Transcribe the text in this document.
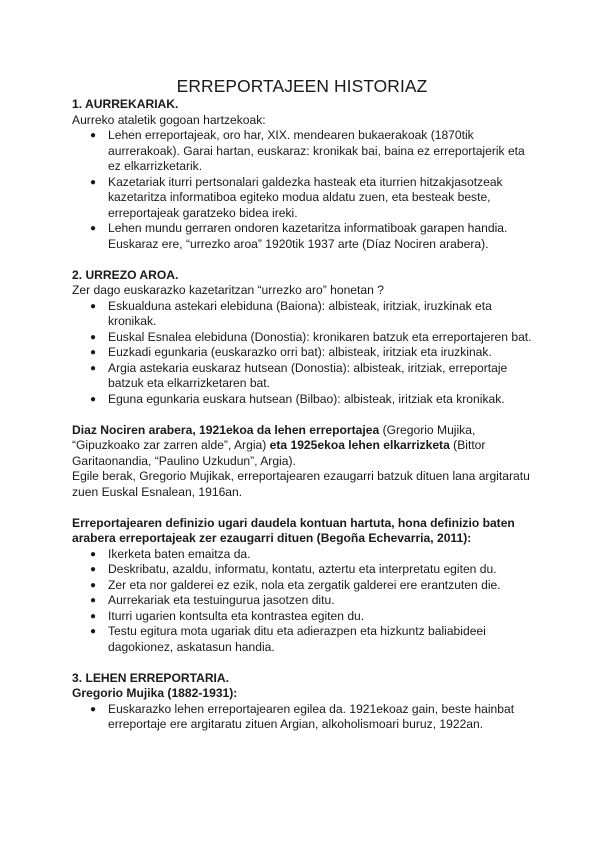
ERREPORTAJEEN HISTORIAZ

1. AURREKARIAK.

Aurreko ataletik gogoan hartzekoak:

● Lehen erreportajeak, oro har, XIX. mendearen bukaerakoak (1870tik aurrerakoak). Garai hartan, euskaraz: kronikak bai, baina ez erreportajerik eta ez elkarrizketarik.
● Kazetariak iturri pertsonalari galdezka hasteak eta iturrien hitzakjasotzeak kazetaritza informatiboa egiteko modua aldatu zuen, eta besteak beste, erreportajeak garatzeko bidea ireki.
● Lehen mundu gerraren ondoren kazetaritza informatiboak garapen handia. Euskaraz ere, “urrezko aroa” 1920tik 1937 arte (Díaz Nociren arabera).

2. URREZO AROA.

Zer dago euskarazko kazetaritzan “urrezko aro” honetan ?

● Eskualduna astekari elebiduna (Baiona): albisteak, iritziak, iruzkinak eta kronikak.
● Euskal Esnalea elebiduna (Donostia): kronikaren batzuk eta erreportajeren bat.
● Euzkadi egunkaria (euskarazko orri bat): albisteak, iritziak eta iruzkinak.
● Argia astekaria euskaraz hutsean (Donostia): albisteak, iritziak, erreportaje batzuk eta elkarrizketaren bat.
● Eguna egunkaria euskara hutsean (Bilbao): albisteak, iritziak eta kronikak.

Diaz Nociren arabera, 1921ekoa da lehen erreportajea (Gregorio Mujika, “Gipuzkoako zar zarren alde”, Argia) eta 1925ekoa lehen elkarrizketa (Bittor Garitaonandia, “Paulino Uzkudun”, Argia).

Egile berak, Gregorio Mujikak, erreportajearen ezaugarri batzuk dituen lana argitaratu zuen Euskal Esnalean, 1916an.

Erreportajearen definizio ugari daudela kontuan hartuta, hona definizio baten arabera erreportajeak zer ezaugarri dituen (Begoña Echevarria, 2011):

● Ikerketa baten emaitza da.
● Deskribatu, azaldu, informatu, kontatu, aztertu eta interpretatu egiten du.
● Zer eta nor galderei ez ezik, nola eta zergatik galderei ere erantzuten die.
● Aurrekariak eta testuingurua jasotzen ditu.
● Iturri ugarien kontsulta eta kontrastea egiten du.
● Testu egitura mota ugariak ditu eta adierazpen eta hizkuntz baliabideei dagokionez, askatasun handia.

3. LEHEN ERREPORTARIA.

Gregorio Mujika (1882-1931):

● Euskarazko lehen erreportajearen egilea da. 1921ekoaz gain, beste hainbat erreportaje ere argitaratu zituen Argian, alkoholismoari buruz, 1922an.
